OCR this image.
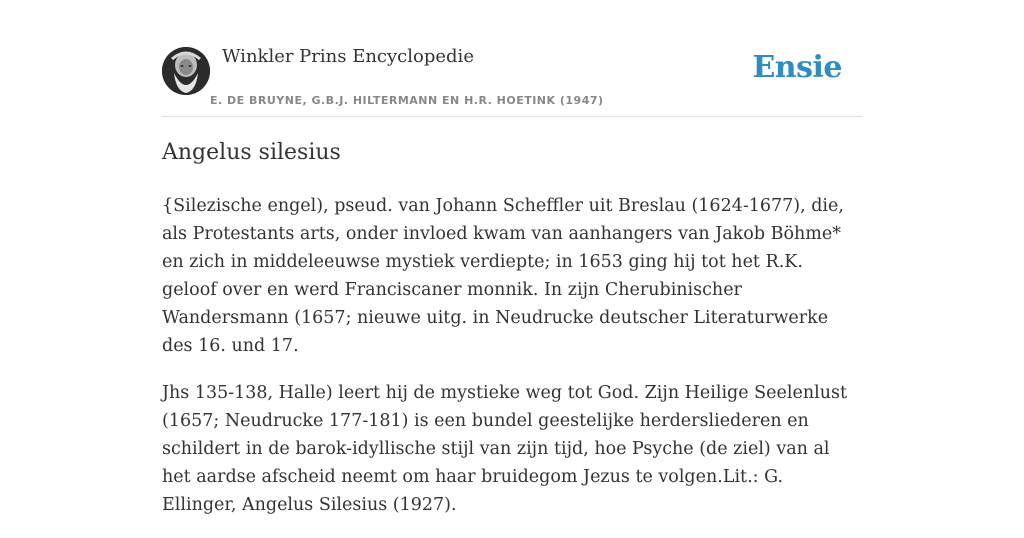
Winkler Prins Encyclopedie
E. DE BRUYNE, G.B.J. HILTERMANN EN H.R. HOETINK (1947)
Ensie
Angelus silesius

{Silezische engel), pseud. van Johann Scheffler uit Breslau (1624-1677), die, als Protestants arts, onder invloed kwam van aanhangers van Jakob Böhme* en zich in middeleeuwse mystiek verdiepte; in 1653 ging hij tot het R.K. geloof over en werd Franciscaner monnik. In zijn Cherubinischer Wandersmann (1657; nieuwe uitg. in Neudrucke deutscher Literaturwerke des 16. und 17.

Jhs 135-138, Halle) leert hij de mystieke weg tot God. Zijn Heilige Seelenlust (1657; Neudrucke 177-181) is een bundel geestelijke herdersliederen en schildert in de barok-idyllische stijl van zijn tijd, hoe Psyche (de ziel) van al het aardse afscheid neemt om haar bruidegom Jezus te volgen.Lit.: G. Ellinger, Angelus Silesius (1927).
